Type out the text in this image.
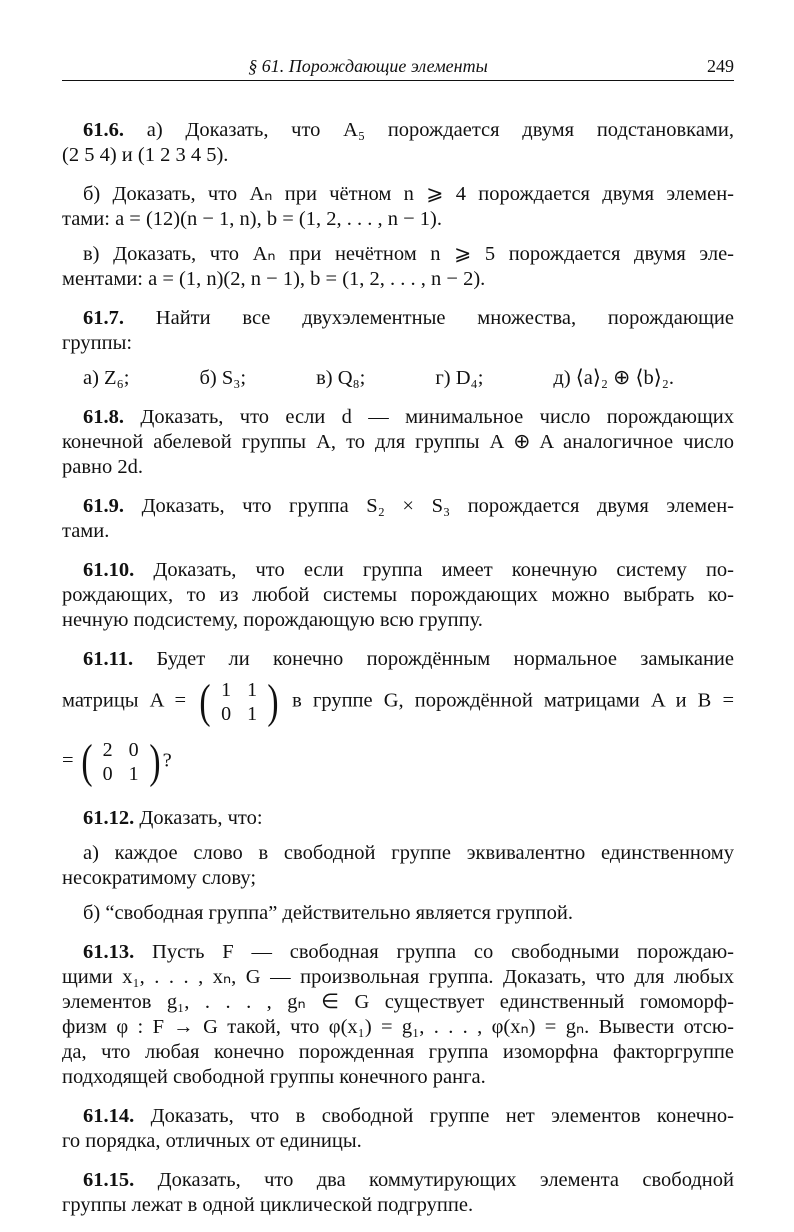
§ 61. Порождающие элементы	249
61.6. а) Доказать, что A₅ порождается двумя подстановками,
(2 5 4) и (1 2 3 4 5).
б) Доказать, что Aₙ при чётном n ⩾ 4 порождается двумя элемен-
тами: a = (12)(n − 1, n), b = (1, 2, . . . , n − 1).
в) Доказать, что Aₙ при нечётном n ⩾ 5 порождается двумя эле-
ментами: a = (1, n)(2, n − 1), b = (1, 2, . . . , n − 2).
61.7. Найти все двухэлементные множества, порождающие
группы:
а) Z₆;	б) S₃;	в) Q₈;	г) D₄;	д) ⟨a⟩₂ ⊕ ⟨b⟩₂.
61.8. Доказать, что если d — минимальное число порождающих
конечной абелевой группы A, то для группы A ⊕ A аналогичное число
равно 2d.
61.9. Доказать, что группа S₂ × S₃ порождается двумя элемен-
тами.
61.10. Доказать, что если группа имеет конечную систему по-
рождающих, то из любой системы порождающих можно выбрать ко-
нечную подсистему, порождающую всю группу.
61.11. Будет ли конечно порождённым нормальное замыкание
матрицы A = ( 1	1
0	1 ) в группе G, порождённой матрицами A и B =
= ( 2	0
0	1 ) ?
61.12. Доказать, что:
а) каждое слово в свободной группе эквивалентно единственному
несократимому слову;
б) “свободная группа” действительно является группой.
61.13. Пусть F — свободная группа со свободными порождаю-
щими x₁, . . . , xₙ, G — произвольная группа. Доказать, что для любых
элементов g₁, . . . , gₙ ∈ G существует единственный гомоморф-
физм φ : F → G такой, что φ(x₁) = g₁, . . . , φ(xₙ) = gₙ. Вывести отсю-
да, что любая конечно порожденная группа изоморфна факторгруппе
подходящей свободной группы конечного ранга.
61.14. Доказать, что в свободной группе нет элементов конечно-
го порядка, отличных от единицы.
61.15. Доказать, что два коммутирующих элемента свободной
группы лежат в одной циклической подгруппе.
